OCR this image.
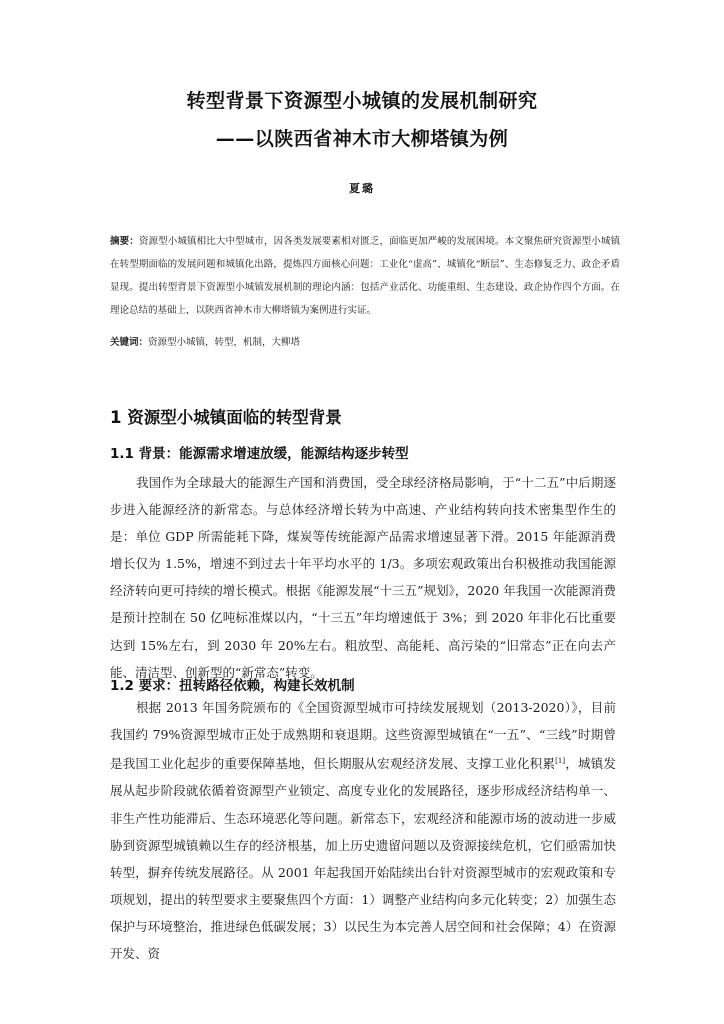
转型背景下资源型小城镇的发展机制研究
——以陕西省神木市大柳塔镇为例
夏璐
摘要：资源型小城镇相比大中型城市，因各类发展要素相对匮乏，面临更加严峻的发展困境。本文聚焦研究资源型小城镇在转型期面临的发展问题和城镇化出路，提炼四方面核心问题：工业化“虚高”、城镇化“断层”、生态修复乏力、政企矛盾显现。提出转型背景下资源型小城镇发展机制的理论内涵：包括产业活化、功能重组、生态建设、政企协作四个方面。在理论总结的基础上，以陕西省神木市大柳塔镇为案例进行实证。
关键词：资源型小城镇，转型，机制，大柳塔
1 资源型小城镇面临的转型背景
1.1 背景：能源需求增速放缓，能源结构逐步转型
我国作为全球最大的能源生产国和消费国，受全球经济格局影响，于“十二五”中后期逐步进入能源经济的新常态。与总体经济增长转为中高速、产业结构转向技术密集型作生的是：单位 GDP 所需能耗下降，煤炭等传统能源产品需求增速显著下滑。2015 年能源消费增长仅为 1.5%，增速不到过去十年平均水平的 1/3。多项宏观政策出台积极推动我国能源经济转向更可持续的增长模式。根据《能源发展“十三五”规划》，2020 年我国一次能源消费是预计控制在 50 亿吨标准煤以内，“十三五”年均增速低于 3%；到 2020 年非化石比重要达到 15%左右，到 2030 年 20%左右。粗放型、高能耗、高污染的“旧常态”正在向去产能、清洁型、创新型的“新常态”转变。
1.2 要求：扭转路径依赖，构建长效机制
根据 2013 年国务院颁布的《全国资源型城市可持续发展规划（2013-2020）》，目前我国约 79%资源型城市正处于成熟期和衰退期。这些资源型城镇在“一五”、“三线”时期曾是我国工业化起步的重要保障基地，但长期服从宏观经济发展、支撑工业化积累[1]，城镇发展从起步阶段就依循着资源型产业锁定、高度专业化的发展路径，逐步形成经济结构单一、非生产性功能滞后、生态环境恶化等问题。新常态下，宏观经济和能源市场的波动进一步威胁到资源型城镇赖以生存的经济根基，加上历史遗留问题以及资源接续危机，它们亟需加快转型，摒弃传统发展路径。从 2001 年起我国开始陆续出台针对资源型城市的宏观政策和专项规划，提出的转型要求主要聚焦四个方面：1）调整产业结构向多元化转变；2）加强生态保护与环境整治，推进绿色低碳发展；3）以民生为本完善人居空间和社会保障；4）在资源开发、资
